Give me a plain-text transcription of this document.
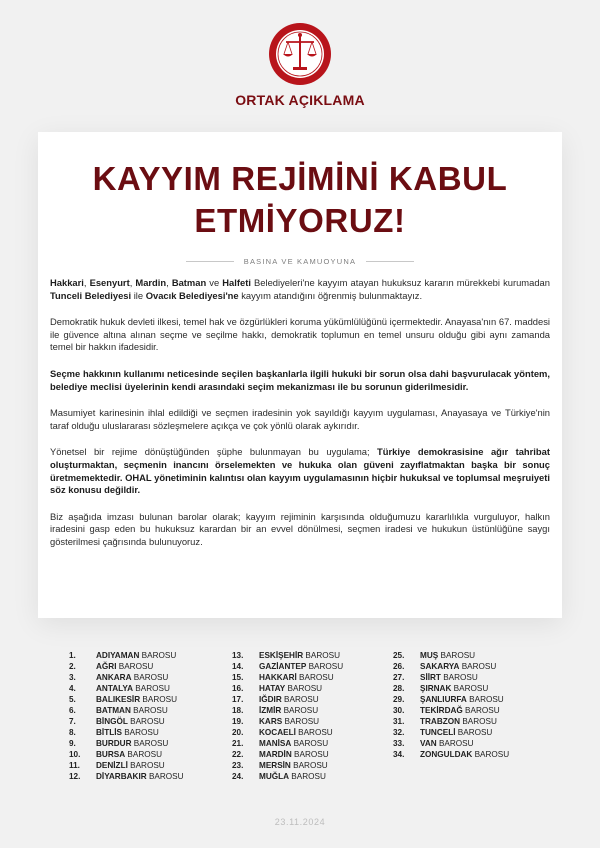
ORTAK AÇIKLAMA
KAYYIM REJİMİNİ KABUL
ETMİYORUZ!
BASINA VE KAMUOYUNA

Hakkari, Esenyurt, Mardin, Batman ve Halfeti Belediyeleri'ne kayyım atayan hukuksuz kararın mürekkebi kurumadan Tunceli Belediyesi ile Ovacık Belediyesi'ne kayyım atandığını öğrenmiş bulunmaktayız.

Demokratik hukuk devleti ilkesi, temel hak ve özgürlükleri koruma yükümlülüğünü içermektedir. Anayasa'nın 67. maddesi ile güvence altına alınan seçme ve seçilme hakkı, demokratik toplumun en temel unsuru olduğu gibi aynı zamanda temel bir hakkın ifadesidir.

Seçme hakkının kullanımı neticesinde seçilen başkanlarla ilgili hukuki bir sorun olsa dahi başvurulacak yöntem, belediye meclisi üyelerinin kendi arasındaki seçim mekanizması ile bu sorunun giderilmesidir.

Masumiyet karinesinin ihlal edildiği ve seçmen iradesinin yok sayıldığı kayyım uygulaması, Anayasaya ve Türkiye'nin taraf olduğu uluslararası sözleşmelere açıkça ve çok yönlü olarak aykırıdır.

Yönetsel bir rejime dönüştüğünden şüphe bulunmayan bu uygulama; Türkiye demokrasisine ağır tahribat oluşturmaktan, seçmenin inancını örselemekten ve hukuka olan güveni zayıflatmaktan başka bir sonuç üretmemektedir. OHAL yönetiminin kalıntısı olan kayyım uygulamasının hiçbir hukuksal ve toplumsal meşruiyeti söz konusu değildir.

Biz aşağıda imzası bulunan barolar olarak; kayyım rejiminin karşısında olduğumuzu kararlılıkla vurguluyor, halkın iradesini gasp eden bu hukuksuz karardan bir an evvel dönülmesi, seçmen iradesi ve hukukun üstünlüğüne saygı gösterilmesi çağrısında bulunuyoruz.

1.	ADIYAMAN BAROSU
2.	AĞRI BAROSU
3.	ANKARA BAROSU
4.	ANTALYA BAROSU
5.	BALIKESİR BAROSU
6.	BATMAN BAROSU
7.	BİNGÖL BAROSU
8.	BİTLİS BAROSU
9.	BURDUR BAROSU
10.	BURSA BAROSU
11.	DENİZLİ BAROSU
12.	DİYARBAKIR BAROSU
13.	ESKİŞEHİR BAROSU
14.	GAZİANTEP BAROSU
15.	HAKKARİ BAROSU
16.	HATAY BAROSU
17.	IĞDIR BAROSU
18.	İZMİR BAROSU
19.	KARS BAROSU
20.	KOCAELİ BAROSU
21.	MANİSA BAROSU
22.	MARDİN BAROSU
23.	MERSİN BAROSU
24.	MUĞLA BAROSU
25.	MUŞ BAROSU
26.	SAKARYA BAROSU
27.	SİİRT BAROSU
28.	ŞIRNAK BAROSU
29.	ŞANLIURFA BAROSU
30.	TEKİRDAĞ BAROSU
31.	TRABZON BAROSU
32.	TUNCELİ BAROSU
33.	VAN BAROSU
34.	ZONGULDAK BAROSU
23.11.2024
